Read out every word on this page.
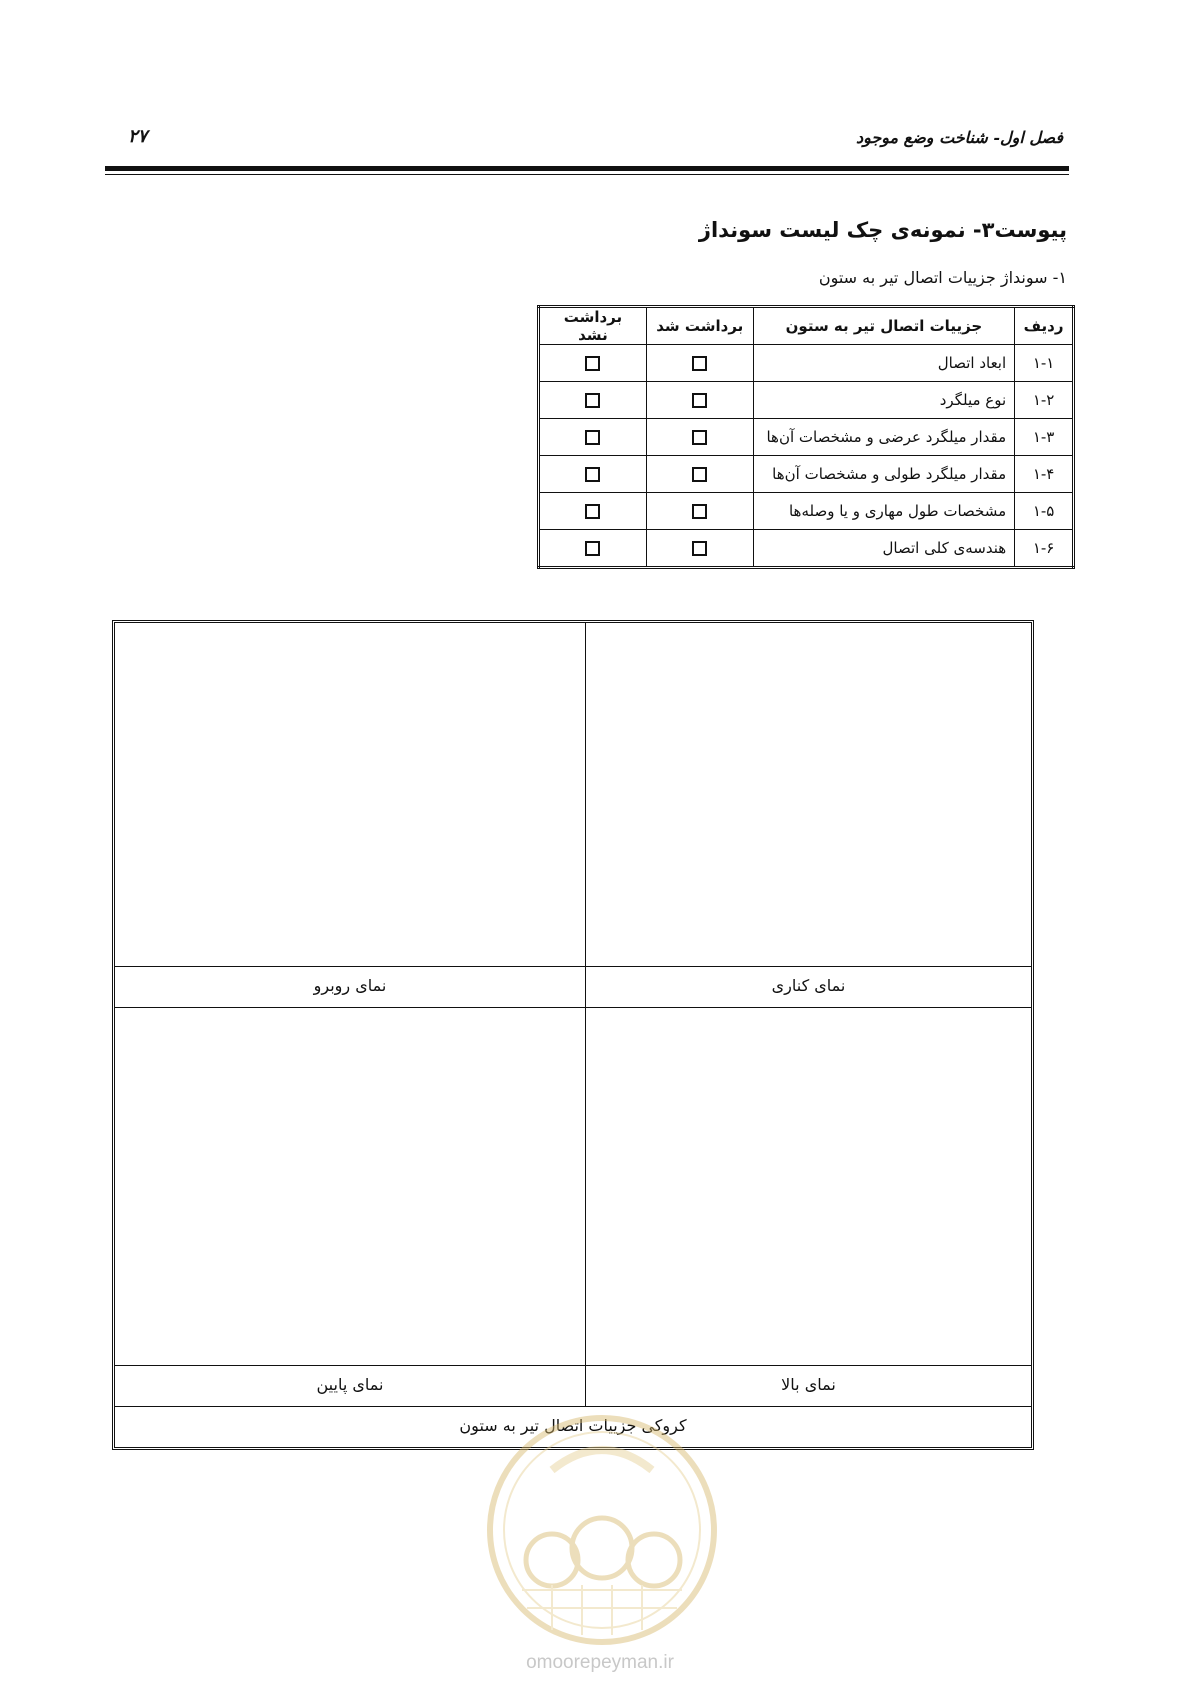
فصل اول- شناخت وضع موجود
۲۷
پیوست۳- نمونه‌ی چک لیست سونداژ
۱- سونداژ جزییات اتصال تیر به ستون
ردیف	جزییات اتصال تیر به ستون	برداشت شد	برداشت نشد
۱-۱	ابعاد اتصال		
۱-۲	نوع میلگرد		
۱-۳	مقدار میلگرد عرضی و مشخصات آن‌ها		
۱-۴	مقدار میلگرد طولی و مشخصات آن‌ها		
۱-۵	مشخصات طول مهاری و یا وصله‌ها		
۱-۶	هندسه‌ی کلی اتصال		
نمای روبرو	نمای کناری
نمای پایین	نمای بالا
کروکی جزییات اتصال تیر به ستون
omoorepeyman.ir
